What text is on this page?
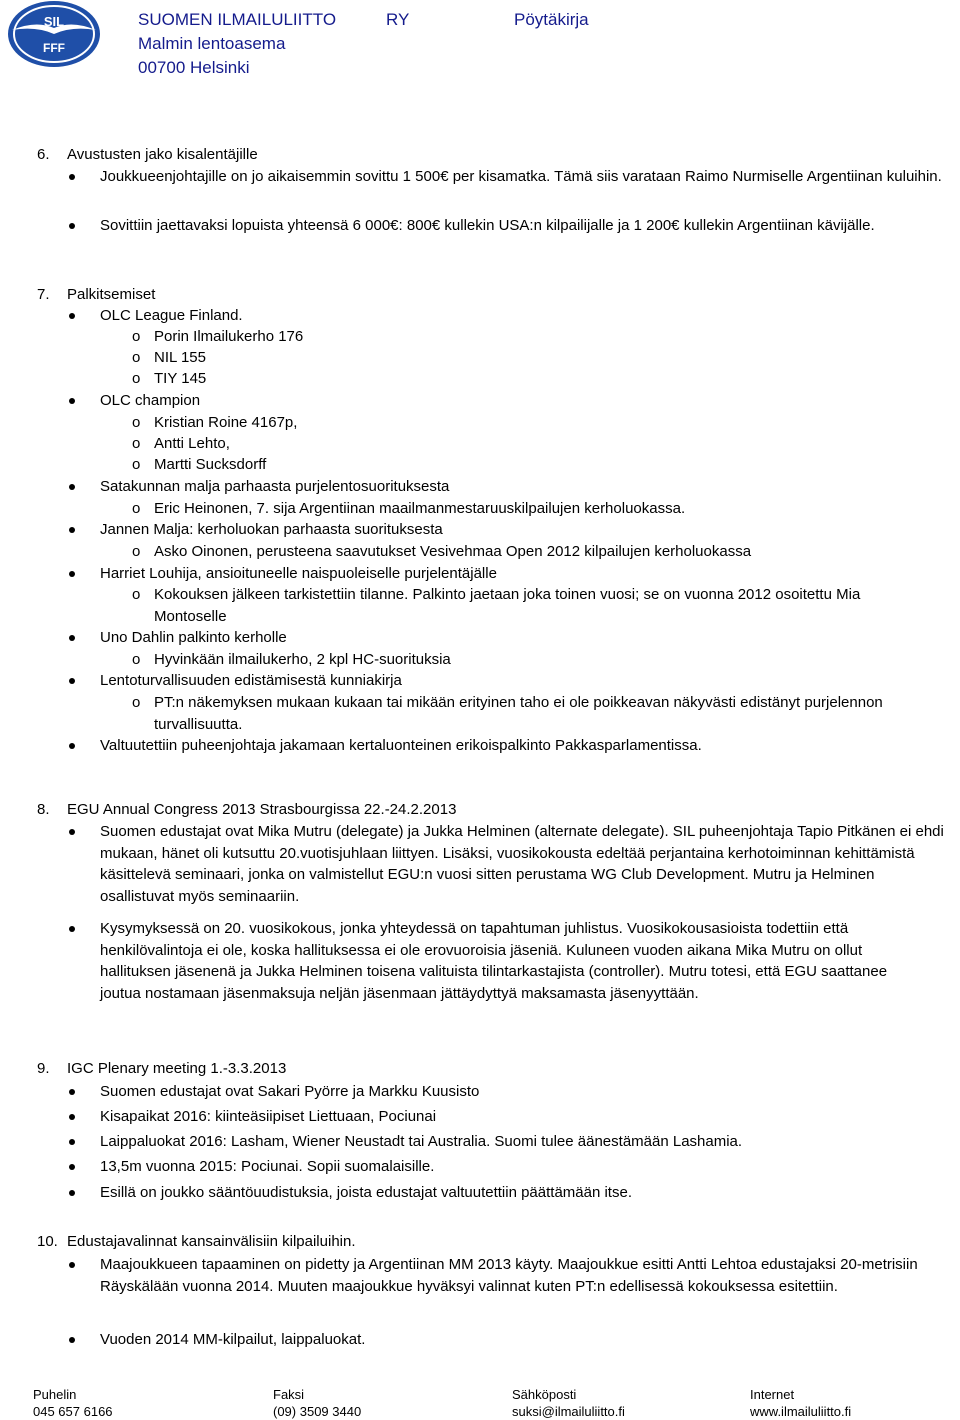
SIL
FFF
SUOMEN ILMAILULIITTO	RY	Pöytäkirja
Malmin lentoasema
00700 Helsinki
6. Avustusten jako kisalentäjille
Joukkueenjohtajille on jo aikaisemmin sovittu 1 500€ per kisamatka. Tämä siis varataan Raimo Nurmiselle Argentiinan kuluihin.
Sovittiin jaettavaksi lopuista yhteensä 6 000€: 800€ kullekin USA:n kilpailijalle ja 1 200€ kullekin Argentiinan kävijälle.
7. Palkitsemiset
OLC League Finland.
o Porin Ilmailukerho 176
o NIL 155
o TIY 145
OLC champion
o Kristian Roine 4167p,
o Antti Lehto,
o Martti Sucksdorff
Satakunnan malja parhaasta purjelentosuorituksesta
o Eric Heinonen, 7. sija Argentiinan maailmanmestaruuskilpailujen kerholuokassa.
Jannen Malja: kerholuokan parhaasta suorituksesta
o Asko Oinonen, perusteena saavutukset Vesivehmaa Open 2012 kilpailujen kerholuokassa
Harriet Louhija, ansioituneelle naispuoleiselle purjelentäjälle
o Kokouksen jälkeen tarkistettiin tilanne. Palkinto jaetaan joka toinen vuosi; se on vuonna 2012 osoitettu Mia Montoselle
Uno Dahlin palkinto kerholle
o Hyvinkään ilmailukerho, 2 kpl HC-suorituksia
Lentoturvallisuuden edistämisestä kunniakirja
o PT:n näkemyksen mukaan kukaan tai mikään erityinen taho ei ole poikkeavan näkyvästi edistänyt purjelennon turvallisuutta.
Valtuutettiin puheenjohtaja jakamaan kertaluonteinen erikoispalkinto Pakkasparlamentissa.
8. EGU Annual Congress 2013 Strasbourgissa 22.-24.2.2013
Suomen edustajat ovat Mika Mutru (delegate) ja Jukka Helminen (alternate delegate). SIL puheenjohtaja Tapio Pitkänen ei ehdi mukaan, hänet oli kutsuttu 20.vuotisjuhlaan liittyen. Lisäksi, vuosikokousta edeltää perjantaina kerhotoiminnan kehittämistä käsittelevä seminaari, jonka on valmistellut EGU:n vuosi sitten perustama WG Club Development. Mutru ja Helminen osallistuvat myös seminaariin.
Kysymyksessä on 20. vuosikokous, jonka yhteydessä on tapahtuman juhlistus. Vuosikokousasioista todettiin että henkilövalintoja ei ole, koska hallituksessa ei ole erovuoroisia jäseniä. Kuluneen vuoden aikana Mika Mutru on ollut hallituksen jäsenenä ja Jukka Helminen toisena valituista tilintarkastajista (controller). Mutru totesi, että EGU saattanee joutua nostamaan jäsenmaksuja neljän jäsenmaan jättäydyttyä maksamasta jäsenyyttään.
9. IGC Plenary meeting 1.-3.3.2013
Suomen edustajat ovat Sakari Pyörre ja Markku Kuusisto
Kisapaikat 2016: kiinteäsiipiset Liettuaan, Pociunai
Laippaluokat 2016: Lasham, Wiener Neustadt tai Australia. Suomi tulee äänestämään Lashamia.
13,5m vuonna 2015: Pociunai. Sopii suomalaisille.
Esillä on joukko sääntöuudistuksia, joista edustajat valtuutettiin päättämään itse.
10. Edustajavalinnat kansainvälisiin kilpailuihin.
Maajoukkueen tapaaminen on pidetty ja Argentiinan MM 2013 käyty. Maajoukkue esitti Antti Lehtoa edustajaksi 20-metrisiin Räyskälään vuonna 2014. Muuten maajoukkue hyväksyi valinnat kuten PT:n edellisessä kokouksessa esitettiin.
Vuoden 2014 MM-kilpailut, laippaluokat.
Puhelin
045 657 6166
Faksi
(09) 3509 3440
Sähköposti
suksi@ilmailuliitto.fi
Internet
www.ilmailuliitto.fi
